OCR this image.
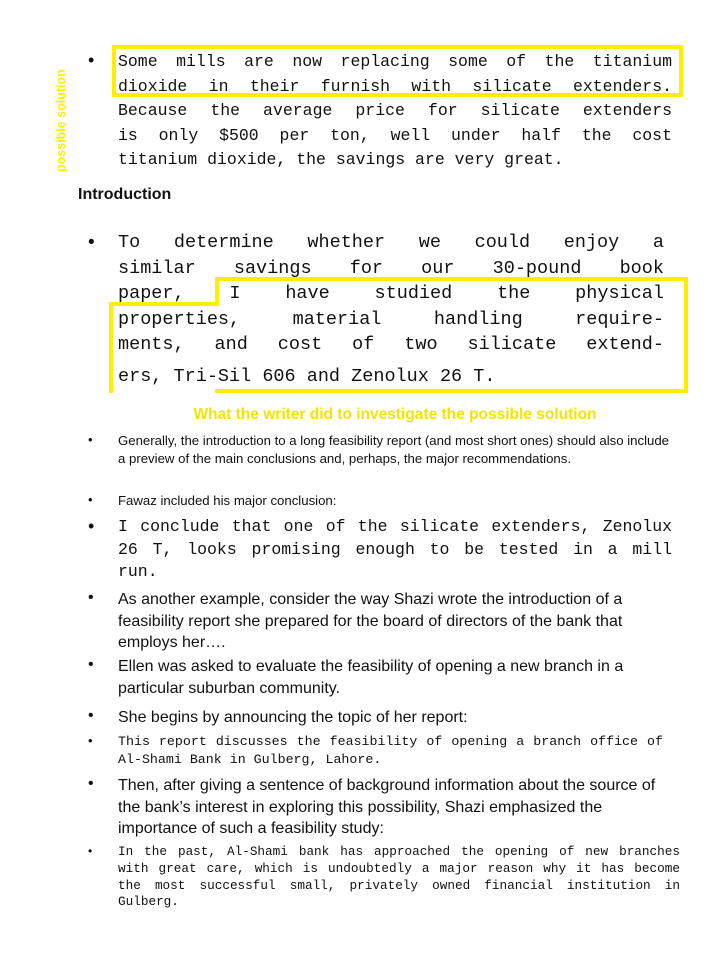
possible solution
•	Some mills are now replacing some of the titanium
dioxide in their furnish with silicate extenders.
Because the average price for silicate extenders
is only $500 per ton, well under half the cost
titanium dioxide, the savings are very great.
Introduction
•	To determine whether we could enjoy a
similar savings for our 30-pound book
paper, I have studied the physical
properties, material handling require-
ments, and cost of two silicate extend-
ers, Tri-Sil 606 and Zenolux 26 T.
What the writer did to investigate the possible solution
•	Generally, the introduction to a long feasibility report (and most short ones) should also include a preview of the main conclusions and, perhaps, the major recommendations.
•	Fawaz included his major conclusion:
•	I conclude that one of the silicate extenders, Zenolux 26 T, looks promising enough to be tested in a mill run.
•	As another example, consider the way Shazi wrote the introduction of a feasibility report she prepared for the board of directors of the bank that employs her….
•	Ellen was asked to evaluate the feasibility of opening a new branch in a particular suburban community.
•	She begins by announcing the topic of her report:
•	This report discusses the feasibility of opening a branch office of Al-Shami Bank in Gulberg, Lahore.
•	Then, after giving a sentence of background information about the source of the bank’s interest in exploring this possibility, Shazi emphasized the importance of such a feasibility study:
•	In the past, Al-Shami bank has approached the opening of new branches with great care, which is undoubtedly a major reason why it has become the most successful small, privately owned financial institution in Gulberg.
